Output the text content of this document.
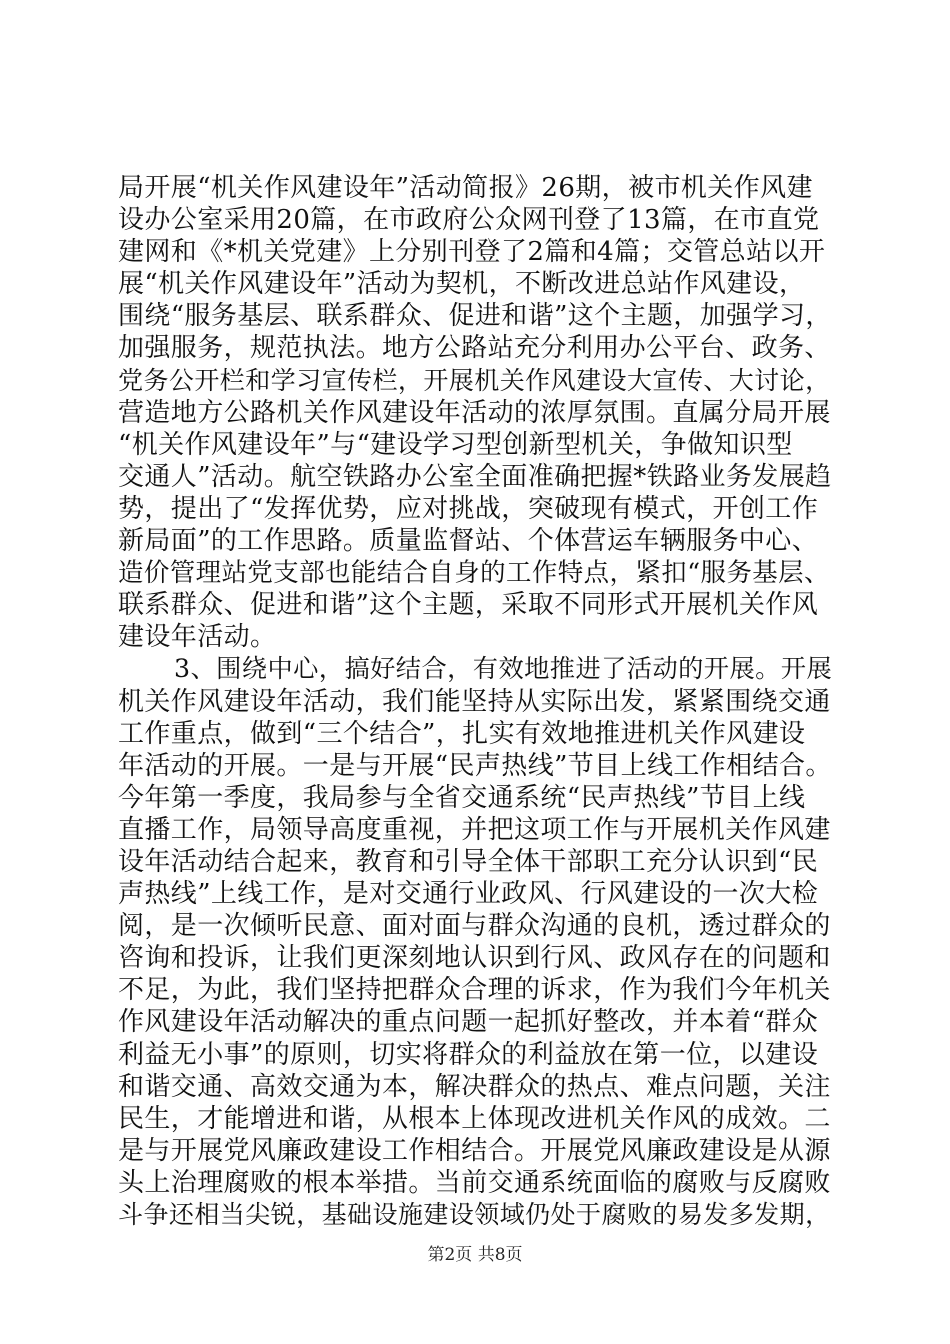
局开展“机关作风建设年”活动简报》26期，被市机关作风建
设办公室采用20篇，在市政府公众网刊登了13篇，在市直党
建网和《*机关党建》上分别刊登了2篇和4篇；交管总站以开
展“机关作风建设年”活动为契机，不断改进总站作风建设，
围绕“服务基层、联系群众、促进和谐”这个主题，加强学习，
加强服务，规范执法。地方公路站充分利用办公平台、政务、
党务公开栏和学习宣传栏，开展机关作风建设大宣传、大讨论，
营造地方公路机关作风建设年活动的浓厚氛围。直属分局开展
“机关作风建设年”与“建设学习型创新型机关，争做知识型
交通人”活动。航空铁路办公室全面准确把握*铁路业务发展趋
势，提出了“发挥优势，应对挑战，突破现有模式，开创工作
新局面”的工作思路。质量监督站、个体营运车辆服务中心、
造价管理站党支部也能结合自身的工作特点，紧扣“服务基层、
联系群众、促进和谐”这个主题，采取不同形式开展机关作风
建设年活动。
3、围绕中心，搞好结合，有效地推进了活动的开展。开展
机关作风建设年活动，我们能坚持从实际出发，紧紧围绕交通
工作重点，做到“三个结合”，扎实有效地推进机关作风建设
年活动的开展。一是与开展“民声热线”节目上线工作相结合。
今年第一季度，我局参与全省交通系统“民声热线”节目上线
直播工作，局领导高度重视，并把这项工作与开展机关作风建
设年活动结合起来，教育和引导全体干部职工充分认识到“民
声热线”上线工作，是对交通行业政风、行风建设的一次大检
阅，是一次倾听民意、面对面与群众沟通的良机，透过群众的
咨询和投诉，让我们更深刻地认识到行风、政风存在的问题和
不足，为此，我们坚持把群众合理的诉求，作为我们今年机关
作风建设年活动解决的重点问题一起抓好整改，并本着“群众
利益无小事”的原则，切实将群众的利益放在第一位，以建设
和谐交通、高效交通为本，解决群众的热点、难点问题，关注
民生，才能增进和谐，从根本上体现改进机关作风的成效。二
是与开展党风廉政建设工作相结合。开展党风廉政建设是从源
头上治理腐败的根本举措。当前交通系统面临的腐败与反腐败
斗争还相当尖锐，基础设施建设领域仍处于腐败的易发多发期，
第2页 共8页
